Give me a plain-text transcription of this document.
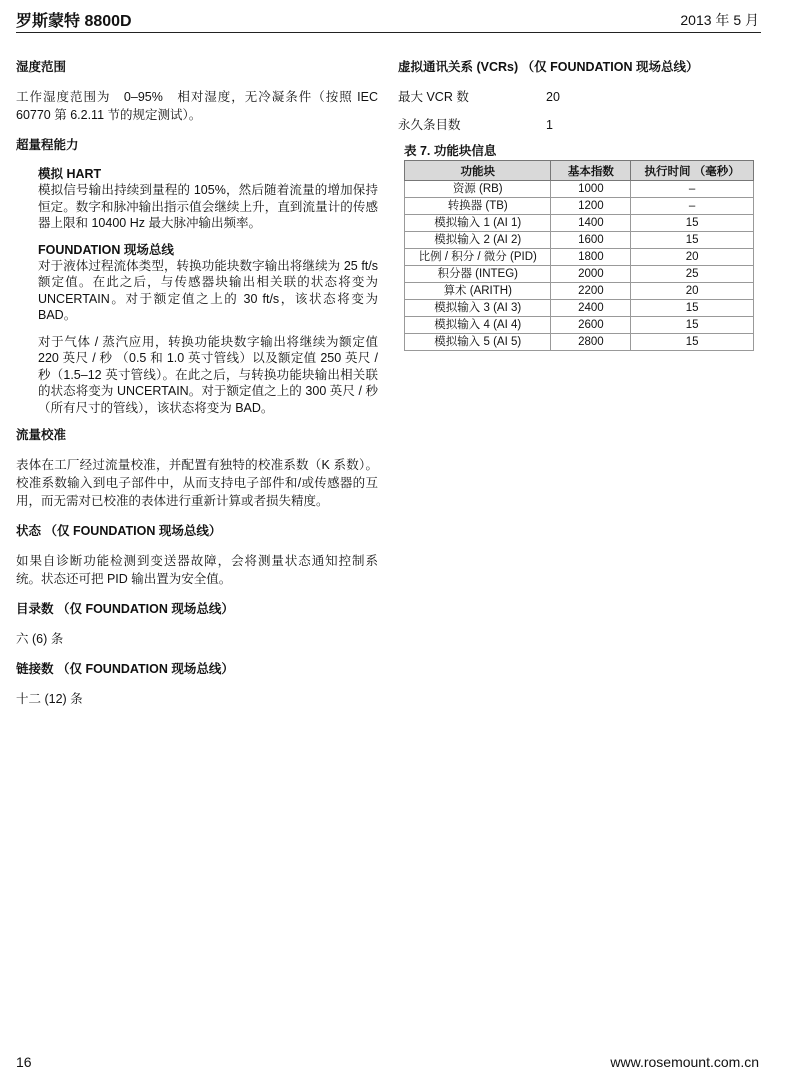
罗斯蒙特 8800D	2013 年 5 月
湿度范围
工作湿度范围为　0–95%　相对湿度，无冷凝条件（按照 IEC 60770 第 6.2.11 节的规定测试）。
超量程能力
模拟 HART
模拟信号输出持续到量程的 105%，然后随着流量的增加保持恒定。数字和脉冲输出指示值会继续上升，直到流量计的传感器上限和 10400 Hz 最大脉冲输出频率。
FOUNDATION 现场总线
对于液体过程流体类型，转换功能块数字输出将继续为 25 ft/s 额定值。在此之后，与传感器块输出相关联的状态将变为 UNCERTAIN。对于额定值之上的 30 ft/s，该状态将变为 BAD。
对于气体 / 蒸汽应用，转换功能块数字输出将继续为额定值 220 英尺 / 秒 （0.5 和 1.0 英寸管线）以及额定值 250 英尺 / 秒（1.5–12 英寸管线）。在此之后，与转换功能块输出相关联的状态将变为 UNCERTAIN。对于额定值之上的 300 英尺 / 秒 （所有尺寸的管线），该状态将变为 BAD。
流量校准
表体在工厂经过流量校准，并配置有独特的校准系数（K 系数）。校准系数输入到电子部件中，从而支持电子部件和/或传感器的互用，而无需对已校准的表体进行重新计算或者损失精度。
状态 （仅 FOUNDATION 现场总线）
如果自诊断功能检测到变送器故障，会将测量状态通知控制系统。状态还可把 PID 输出置为安全值。
目录数 （仅 FOUNDATION 现场总线）
六 (6) 条
链接数 （仅 FOUNDATION 现场总线）
十二 (12) 条
虚拟通讯关系 (VCRs) （仅 FOUNDATION 现场总线）
最大 VCR 数	20
永久条目数	1
表 7. 功能块信息
功能块	基本指数	执行时间 （毫秒）
资源 (RB)	1000	–
转换器 (TB)	1200	–
模拟输入 1 (AI 1)	1400	15
模拟输入 2 (AI 2)	1600	15
比例 / 积分 / 微分 (PID)	1800	20
积分器 (INTEG)	2000	25
算术 (ARITH)	2200	20
模拟输入 3 (AI 3)	2400	15
模拟输入 4 (AI 4)	2600	15
模拟输入 5 (AI 5)	2800	15
16	www.rosemount.com.cn
